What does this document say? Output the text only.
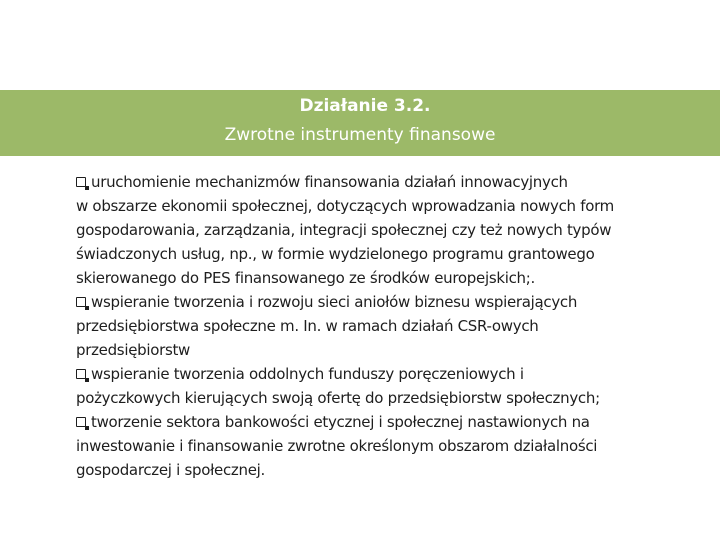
Działanie 3.2.
Zwrotne instrumenty finansowe
uruchomienie mechanizmów finansowania działań innowacyjnych
w obszarze ekonomii społecznej, dotyczących wprowadzania nowych form
gospodarowania, zarządzania, integracji społecznej czy też nowych typów
świadczonych usług, np., w formie wydzielonego programu grantowego
skierowanego do PES finansowanego ze środków europejskich;.
wspieranie tworzenia i rozwoju sieci aniołów biznesu wspierających
przedsiębiorstwa społeczne m. In. w ramach działań CSR-owych
przedsiębiorstw
wspieranie tworzenia oddolnych funduszy poręczeniowych i
pożyczkowych kierujących swoją ofertę do przedsiębiorstw społecznych;
tworzenie sektora bankowości etycznej i społecznej nastawionych na
inwestowanie i finansowanie zwrotne określonym obszarom działalności
gospodarczej i społecznej.
